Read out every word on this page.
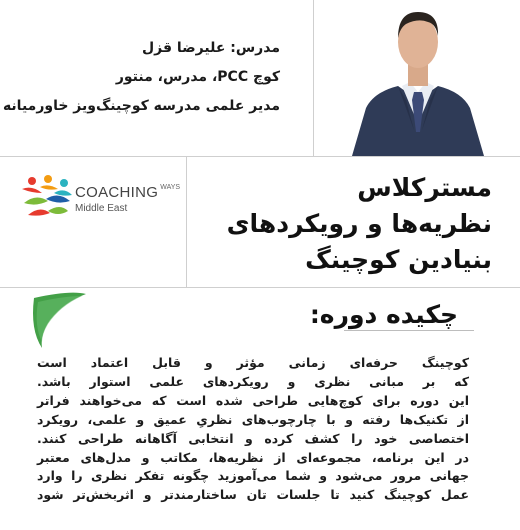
مدرس: علیرضا قزل
کوچ PCC، مدرس، منتور
مدیر علمی مدرسه کوچینگ‌ویز خاورمیانه
COACHING $^{WAYS}$
Middle East
مسترکلاس
نظریه‌ها و رویکردهای
بنیادین کوچینگ
چکیده دوره:
کوچینگ حرفه‌ای زمانی مؤثر و قابل اعتماد است
که بر مبانی نظری و رویکردهای علمی استوار باشد.
این دوره برای کوچ‌هایی طراحی شده است که می‌خواهند فراتر
از تکنیک‌ها رفته و با چارچوب‌های نظریِ عمیق و علمی، رویکرد
اختصاصی خود را کشف کرده و انتخابی آگاهانه طراحی کنند.
در این برنامه، مجموعه‌ای از نظریه‌ها، مکاتب و مدل‌های معتبر
جهانی مرور می‌شود و شما می‌آموزید چگونه تفکر نظری را وارد
عمل کوچینگ کنید تا جلسات تان ساختارمندتر و اثربخش‌تر شود
